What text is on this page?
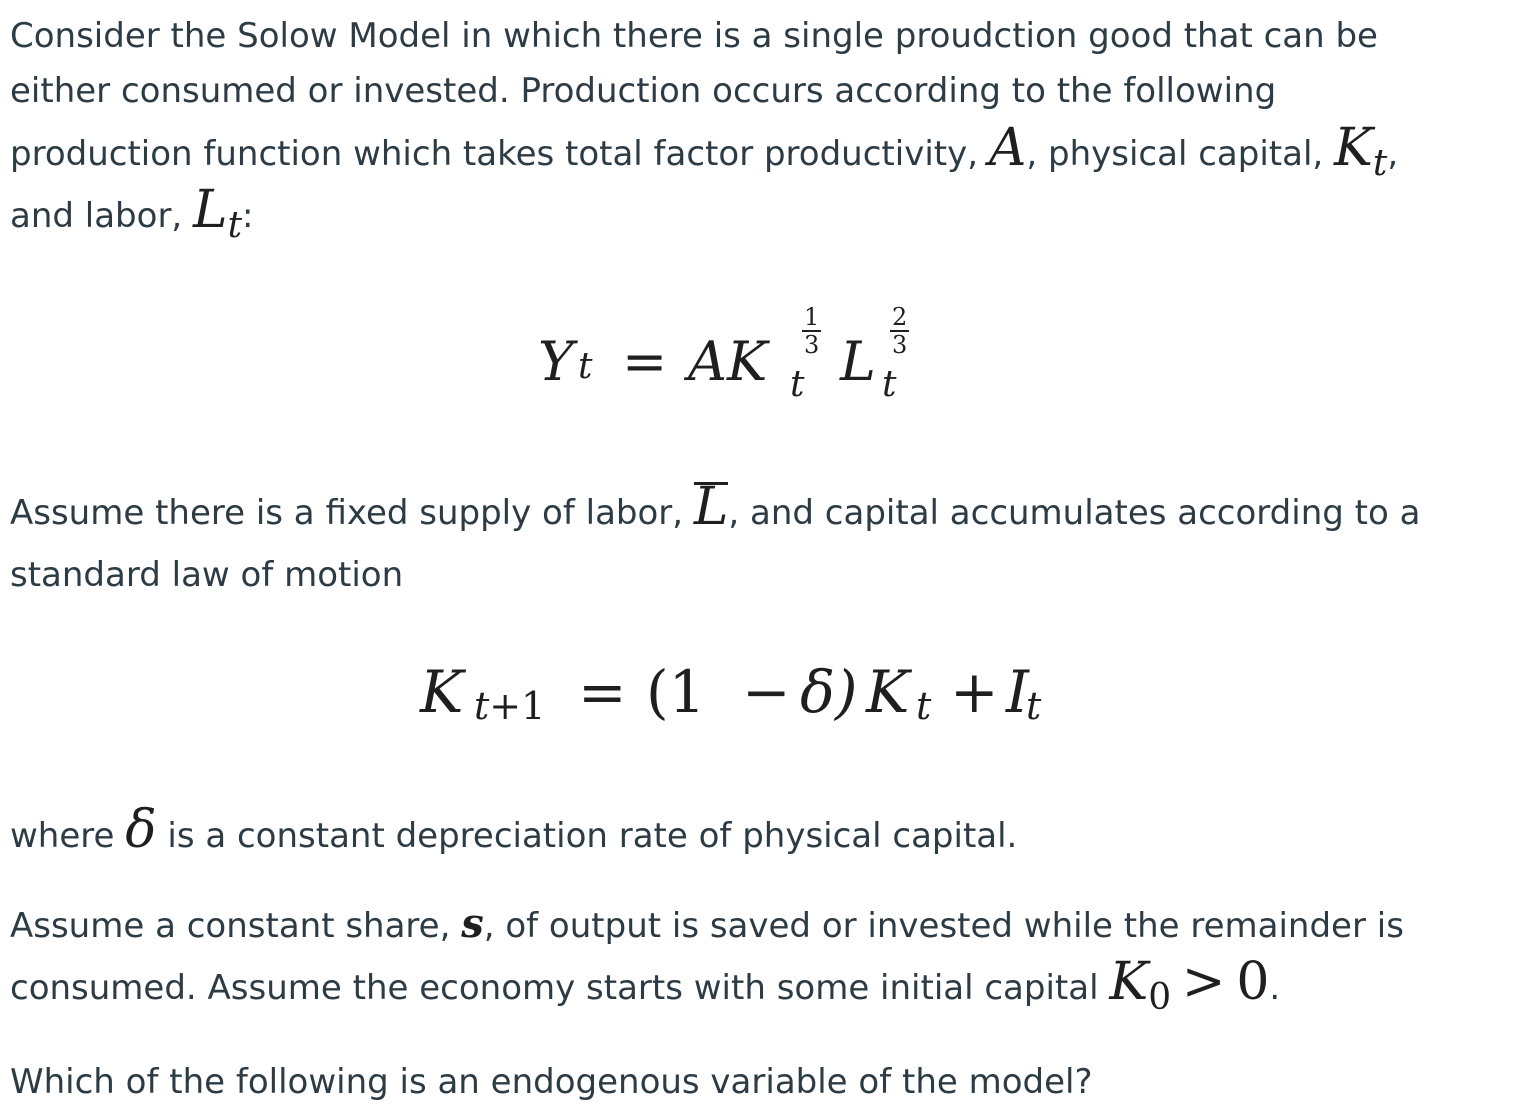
Consider the Solow Model in which there is a single proudction good that can be
either consumed or invested. Production occurs according to the following
production function which takes total factor productivity, A, physical capital, Kt,
and labor, Lt:
Y t = AK $\frac{1}{3}$
t L $\frac{2}{3}$
t
Assume there is a fixed supply of labor, L, and capital accumulates according to a
standard law of motion
K t+1 = (1 − δ) K t + I
t
where δ is a constant depreciation rate of physical capital.
Assume a constant share, s, of output is saved or invested while the remainder is
consumed. Assume the economy starts with some initial capital K0 > 0.
Which of the following is an endogenous variable of the model?
